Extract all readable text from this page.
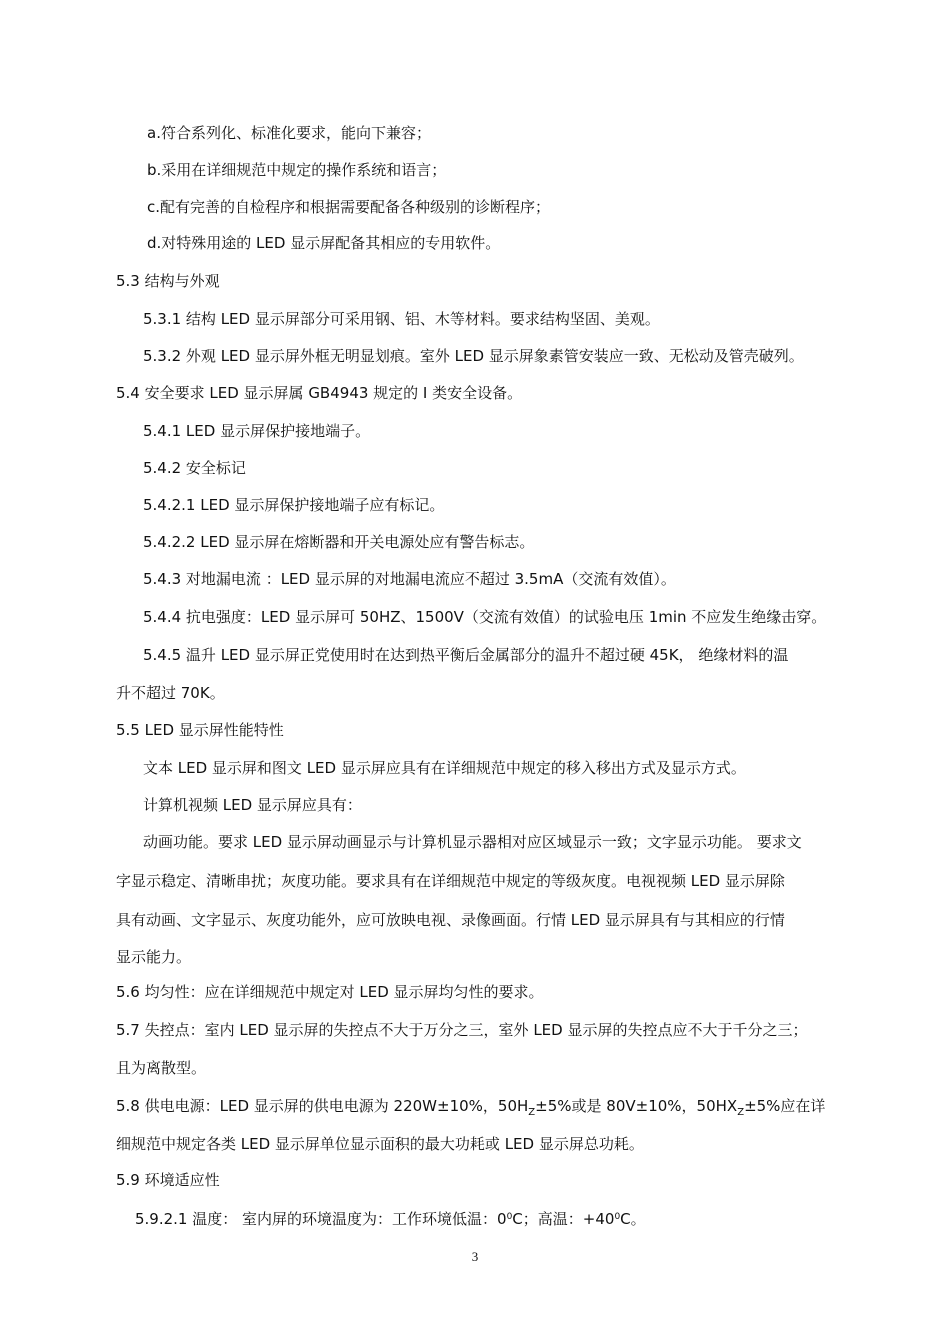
a.符合系列化、标准化要求，能向下兼容；
b.采用在详细规范中规定的操作系统和语言；
c.配有完善的自检程序和根据需要配备各种级别的诊断程序；
d.对特殊用途的 LED 显示屏配备其相应的专用软件。
5.3 结构与外观
5.3.1 结构 LED 显示屏部分可采用钢、铝、木等材料。要求结构坚固、美观。
5.3.2 外观 LED 显示屏外框无明显划痕。室外 LED 显示屏象素管安装应一致、无松动及管壳破列。
5.4 安全要求 LED 显示屏属 GB4943 规定的 I 类安全设备。
5.4.1 LED 显示屏保护接地端子。
5.4.2 安全标记
5.4.2.1 LED 显示屏保护接地端子应有标记。
5.4.2.2 LED 显示屏在熔断器和开关电源处应有警告标志。
5.4.3 对地漏电流 ：LED 显示屏的对地漏电流应不超过 3.5mA（交流有效值）。
5.4.4 抗电强度：LED 显示屏可 50HZ、1500V（交流有效值）的试验电压 1min 不应发生绝缘击穿。
5.4.5 温升 LED 显示屏正党使用时在达到热平衡后金属部分的温升不超过硬 45K， 绝缘材料的温
升不超过 70K。
5.5 LED 显示屏性能特性
文本 LED 显示屏和图文 LED 显示屏应具有在详细规范中规定的移入移出方式及显示方式。
计算机视频 LED 显示屏应具有：
动画功能。要求 LED 显示屏动画显示与计算机显示器相对应区域显示一致；文字显示功能。 要求文
字显示稳定、清晰串扰；灰度功能。要求具有在详细规范中规定的等级灰度。电视视频 LED 显示屏除
具有动画、文字显示、灰度功能外，应可放映电视、录像画面。行情 LED 显示屏具有与其相应的行情
显示能力。
5.6 均匀性：应在详细规范中规定对 LED 显示屏均匀性的要求。
5.7 失控点：室内 LED 显示屏的失控点不大于万分之三，室外 LED 显示屏的失控点应不大于千分之三；
且为离散型。
5.8 供电电源：LED 显示屏的供电电源为 220W±10%，$50H_Z\pm 5\%$或是 80V±10%，$50HX_Z\pm 5\%$应在详
细规范中规定各类 LED 显示屏单位显示面积的最大功耗或 LED 显示屏总功耗。
5.9 环境适应性
5.9.2.1 温度： 室内屏的环境温度为：工作环境低温：$0^0C$；高温：$+40^0C$。
3
